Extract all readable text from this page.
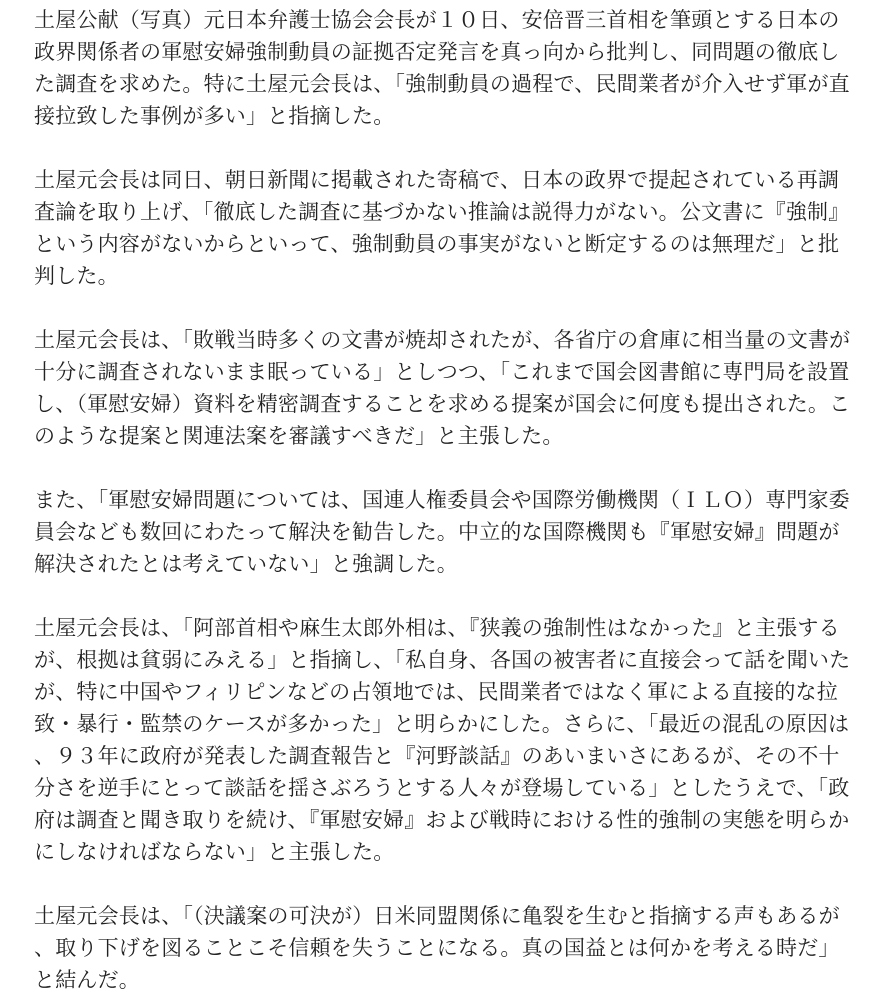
土屋公献（写真）元日本弁護士協会会長が１０日、安倍晋三首相を筆頭とする日本の政界関係者の軍慰安婦強制動員の証拠否定発言を真っ向から批判し、同問題の徹底した調査を求めた。特に土屋元会長は、「強制動員の過程で、民間業者が介入せず軍が直接拉致した事例が多い」と指摘した。

土屋元会長は同日、朝日新聞に掲載された寄稿で、日本の政界で提起されている再調査論を取り上げ、「徹底した調査に基づかない推論は説得力がない。公文書に『強制』という内容がないからといって、強制動員の事実がないと断定するのは無理だ」と批判した。

土屋元会長は、「敗戦当時多くの文書が焼却されたが、各省庁の倉庫に相当量の文書が十分に調査されないまま眠っている」としつつ、「これまで国会図書館に専門局を設置し、（軍慰安婦）資料を精密調査することを求める提案が国会に何度も提出された。このような提案と関連法案を審議すべきだ」と主張した。

また、「軍慰安婦問題については、国連人権委員会や国際労働機関（ＩＬＯ）専門家委員会なども数回にわたって解決を勧告した。中立的な国際機関も『軍慰安婦』問題が解決されたとは考えていない」と強調した。

土屋元会長は、「阿部首相や麻生太郎外相は、『狭義の強制性はなかった』と主張するが、根拠は貧弱にみえる」と指摘し、「私自身、各国の被害者に直接会って話を聞いたが、特に中国やフィリピンなどの占領地では、民間業者ではなく軍による直接的な拉致・暴行・監禁のケースが多かった」と明らかにした。さらに、「最近の混乱の原因は、９３年に政府が発表した調査報告と『河野談話』のあいまいさにあるが、その不十分さを逆手にとって談話を揺さぶろうとする人々が登場している」としたうえで、「政府は調査と聞き取りを続け、『軍慰安婦』および戦時における性的強制の実態を明らかにしなければならない」と主張した。

土屋元会長は、「（決議案の可決が）日米同盟関係に亀裂を生むと指摘する声もあるが、取り下げを図ることこそ信頼を失うことになる。真の国益とは何かを考える時だ」と結んだ。
